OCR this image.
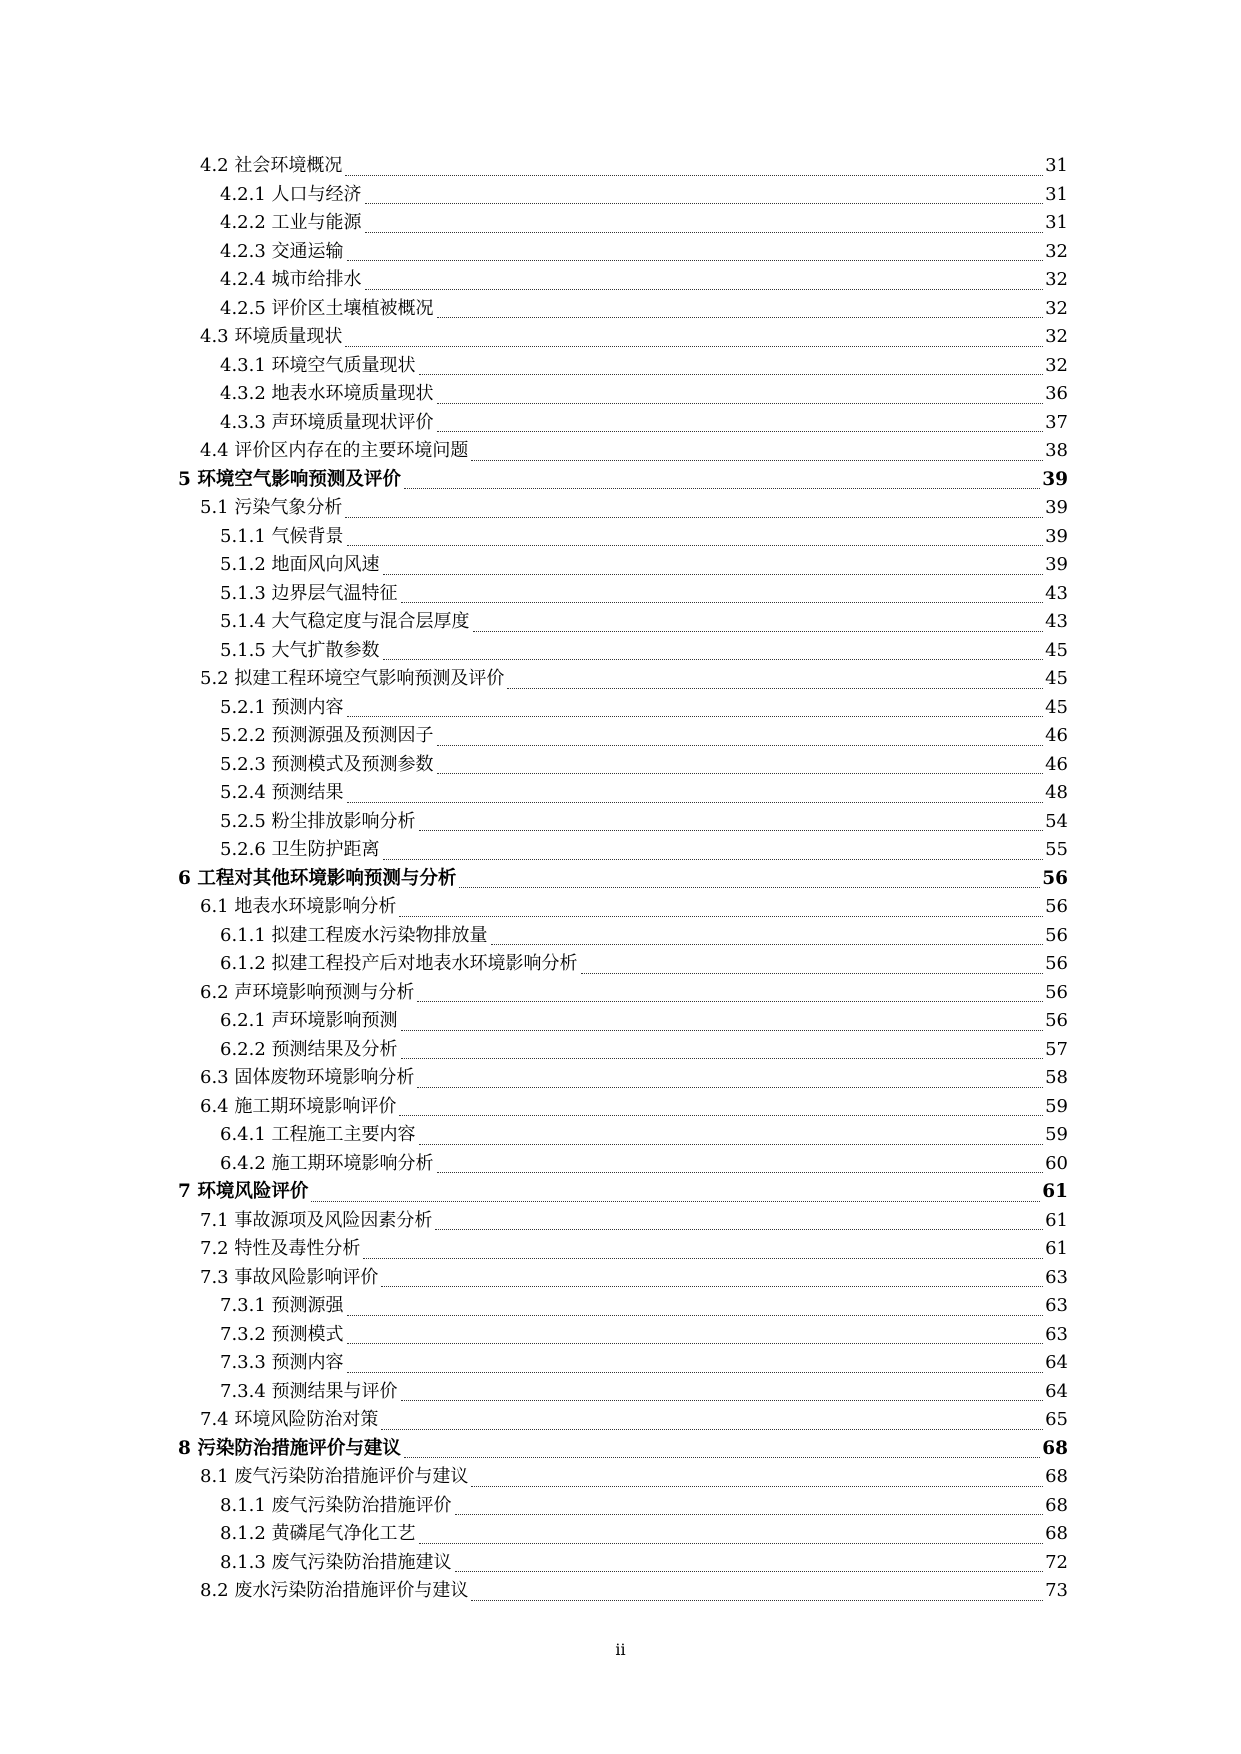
4.2 社会环境概况	31
4.2.1 人口与经济	31
4.2.2 工业与能源	31
4.2.3 交通运输	32
4.2.4 城市给排水	32
4.2.5 评价区土壤植被概况	32
4.3 环境质量现状	32
4.3.1 环境空气质量现状	32
4.3.2 地表水环境质量现状	36
4.3.3 声环境质量现状评价	37
4.4 评价区内存在的主要环境问题	38
5 环境空气影响预测及评价	39
5.1 污染气象分析	39
5.1.1 气候背景	39
5.1.2 地面风向风速	39
5.1.3 边界层气温特征	43
5.1.4 大气稳定度与混合层厚度	43
5.1.5 大气扩散参数	45
5.2 拟建工程环境空气影响预测及评价	45
5.2.1 预测内容	45
5.2.2 预测源强及预测因子	46
5.2.3 预测模式及预测参数	46
5.2.4 预测结果	48
5.2.5 粉尘排放影响分析	54
5.2.6 卫生防护距离	55
6 工程对其他环境影响预测与分析	56
6.1 地表水环境影响分析	56
6.1.1 拟建工程废水污染物排放量	56
6.1.2 拟建工程投产后对地表水环境影响分析	56
6.2 声环境影响预测与分析	56
6.2.1 声环境影响预测	56
6.2.2 预测结果及分析	57
6.3 固体废物环境影响分析	58
6.4 施工期环境影响评价	59
6.4.1 工程施工主要内容	59
6.4.2 施工期环境影响分析	60
7 环境风险评价	61
7.1 事故源项及风险因素分析	61
7.2 特性及毒性分析	61
7.3 事故风险影响评价	63
7.3.1 预测源强	63
7.3.2 预测模式	63
7.3.3 预测内容	64
7.3.4 预测结果与评价	64
7.4 环境风险防治对策	65
8 污染防治措施评价与建议	68
8.1 废气污染防治措施评价与建议	68
8.1.1 废气污染防治措施评价	68
8.1.2 黄磷尾气净化工艺	68
8.1.3 废气污染防治措施建议	72
8.2 废水污染防治措施评价与建议	73
ii
